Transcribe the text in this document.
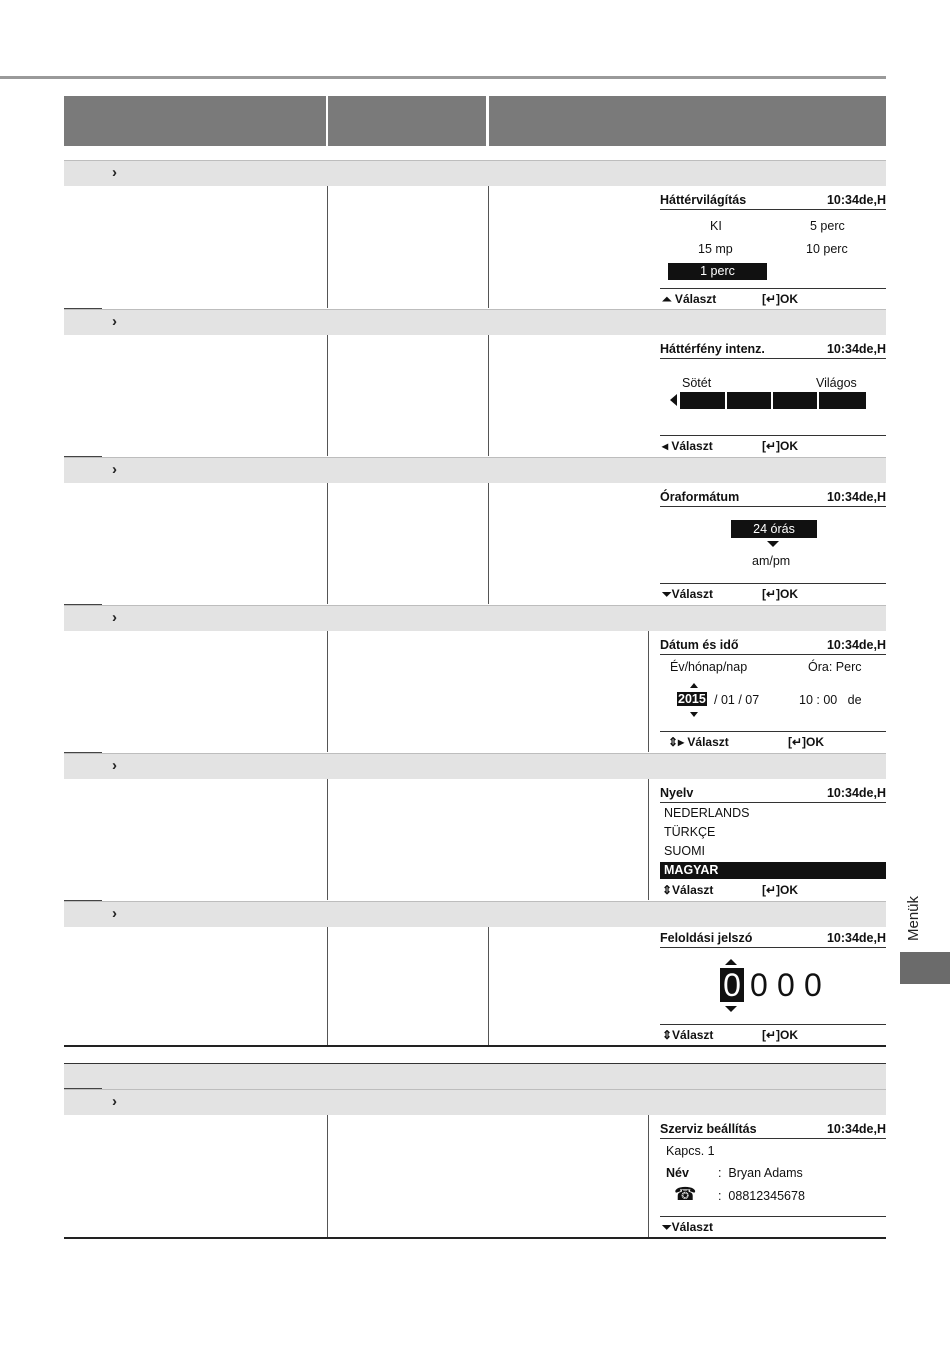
›
›
›
›
›
›
›
Háttérvilágítás	10:34de,H
KI	5 perc
15 mp	10 perc
1 perc
⏶ Választ	[↵]OK
Háttérfény intenz.	10:34de,H
Sötét	Világos
◂ Választ	[↵]OK
Óraformátum	10:34de,H
24 órás
am/pm
⏷Választ	[↵]OK
Dátum és idő	10:34de,H
Év/hónap/nap	Óra: Perc
2015 / 01 / 07	10 : 00   de
⇕▸ Választ	[↵]OK
Nyelv	10:34de,H
NEDERLANDS
TÜRKÇE
SUOMI
MAGYAR
⇕Választ	[↵]OK
Feloldási jelszó	10:34de,H
0 0 0 0
⇕Választ	[↵]OK
Szerviz beállítás	10:34de,H
Kapcs. 1
Név :  Bryan Adams
☎ :  08812345678
⏷Választ
Menük
